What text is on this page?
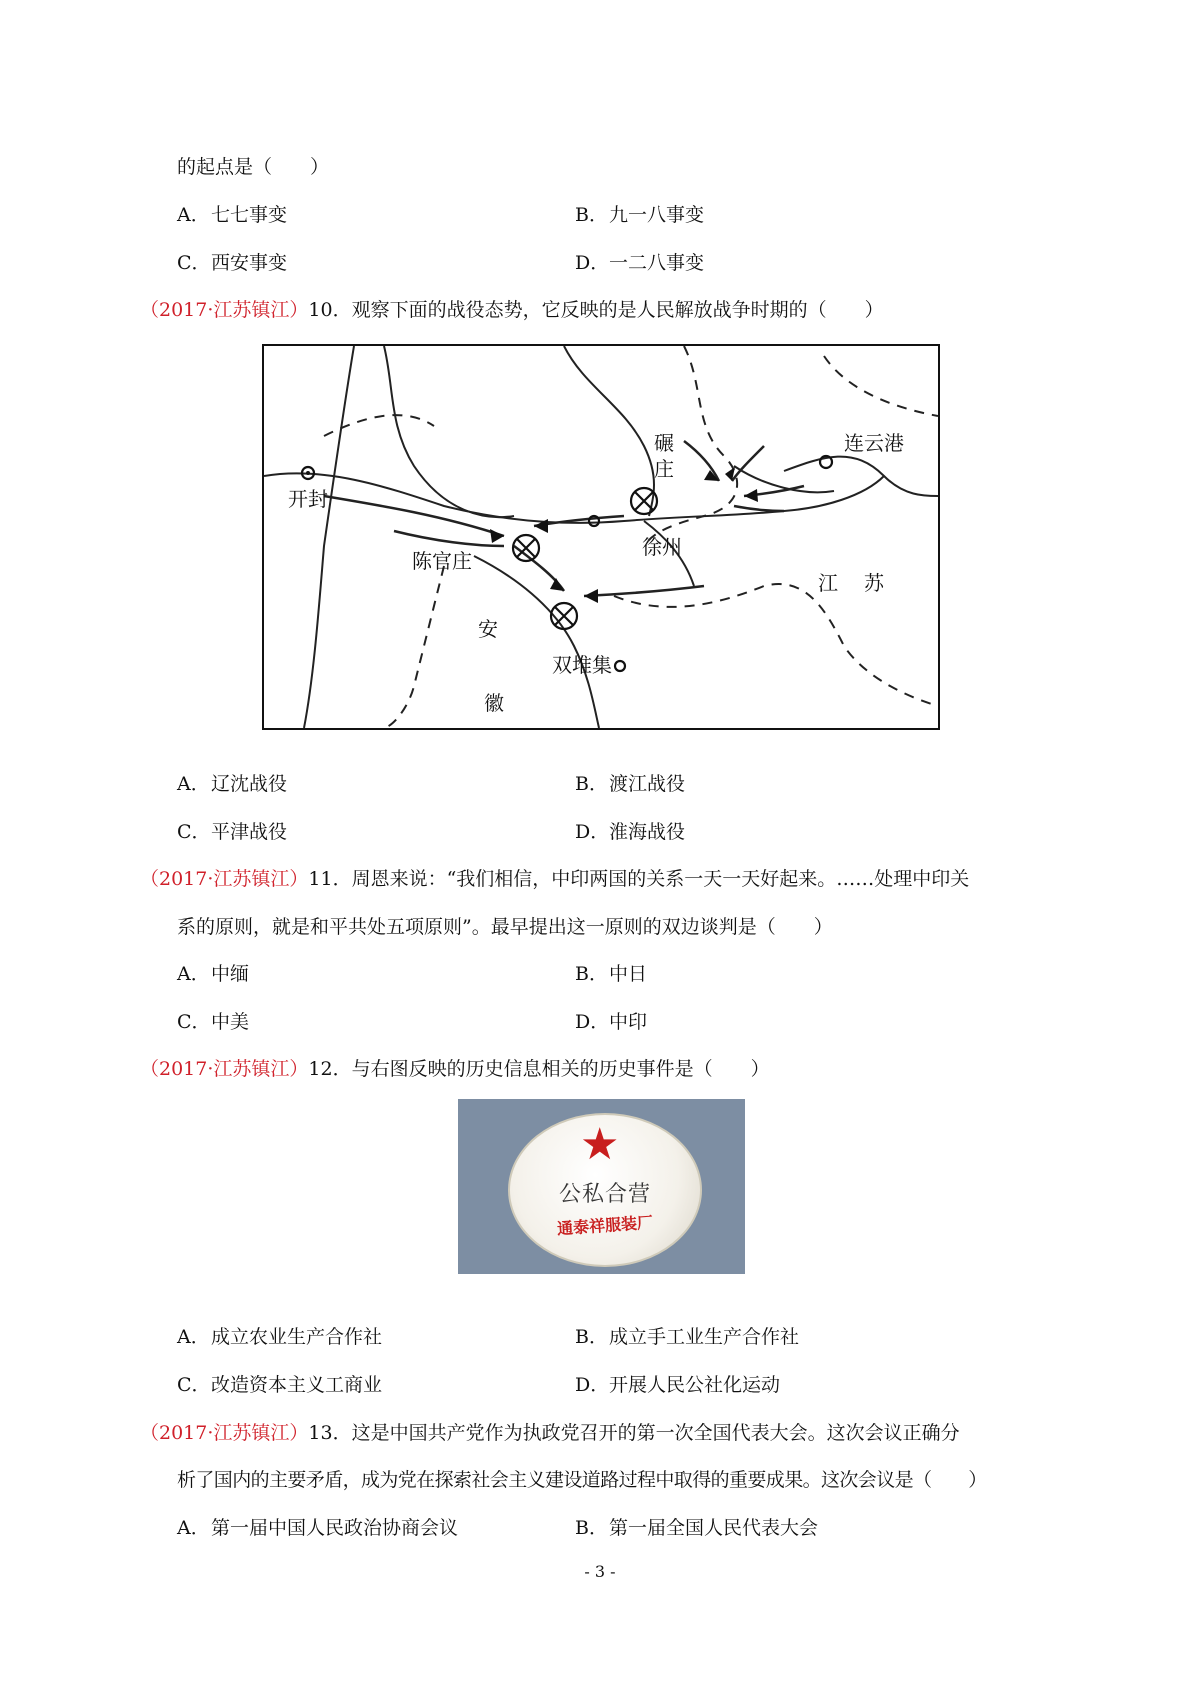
的起点是（　　）
A．七七事变	B．九一八事变
C．西安事变	D．一二八事变
（2017·江苏镇江）10．观察下面的战役态势，它反映的是人民解放战争时期的（　　）
开封
碾
庄
连云港
徐州
陈官庄
江 苏
安
徽
双堆集
A．辽沈战役	B．渡江战役
C．平津战役	D．淮海战役
（2017·江苏镇江）11．周恩来说：“我们相信，中印两国的关系一天一天好起来。……处理中印关
系的原则，就是和平共处五项原则”。最早提出这一原则的双边谈判是（　　）
A．中缅	B．中日
C．中美	D．中印
（2017·江苏镇江）12．与右图反映的历史信息相关的历史事件是（　　）
★
公私合营
通泰祥服装厂
A．成立农业生产合作社	B．成立手工业生产合作社
C．改造资本主义工商业	D．开展人民公社化运动
（2017·江苏镇江）13．这是中国共产党作为执政党召开的第一次全国代表大会。这次会议正确分
析了国内的主要矛盾，成为党在探索社会主义建设道路过程中取得的重要成果。这次会议是（　　）
A．第一届中国人民政治协商会议	B．第一届全国人民代表大会
- 3 -
